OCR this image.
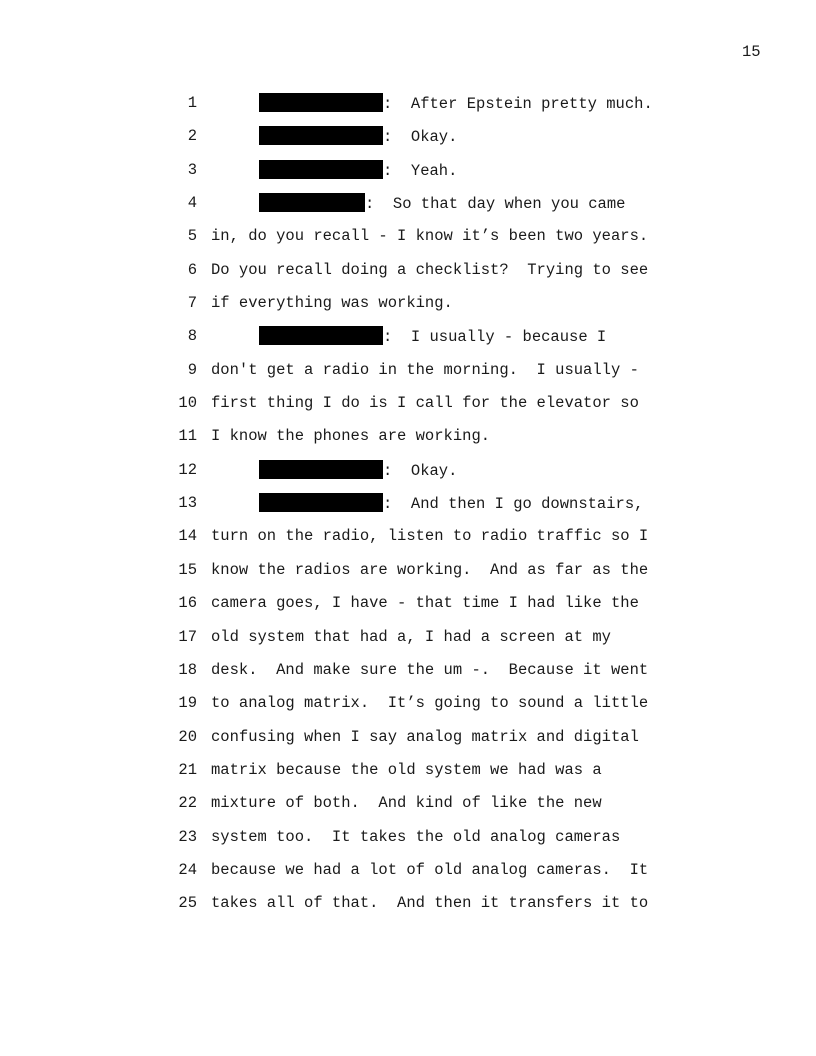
15

1

	:  After Epstein pretty much.

2

	:  Okay.

3

	:  Yeah.

4

	:  So that day when you came

5

in, do you recall - I know it’s been two years.

6

Do you recall doing a checklist?  Trying to see

7

if everything was working.

8

	:  I usually - because I

9

don't get a radio in the morning.  I usually -

10

first thing I do is I call for the elevator so

11

I know the phones are working.

12

	:  Okay.

13

	:  And then I go downstairs,

14

turn on the radio, listen to radio traffic so I

15

know the radios are working.  And as far as the

16

camera goes, I have - that time I had like the

17

old system that had a, I had a screen at my

18

desk.  And make sure the um -.  Because it went

19

to analog matrix.  It’s going to sound a little

20

confusing when I say analog matrix and digital

21

matrix because the old system we had was a

22

mixture of both.  And kind of like the new

23

system too.  It takes the old analog cameras

24

because we had a lot of old analog cameras.  It

25

takes all of that.  And then it transfers it to
